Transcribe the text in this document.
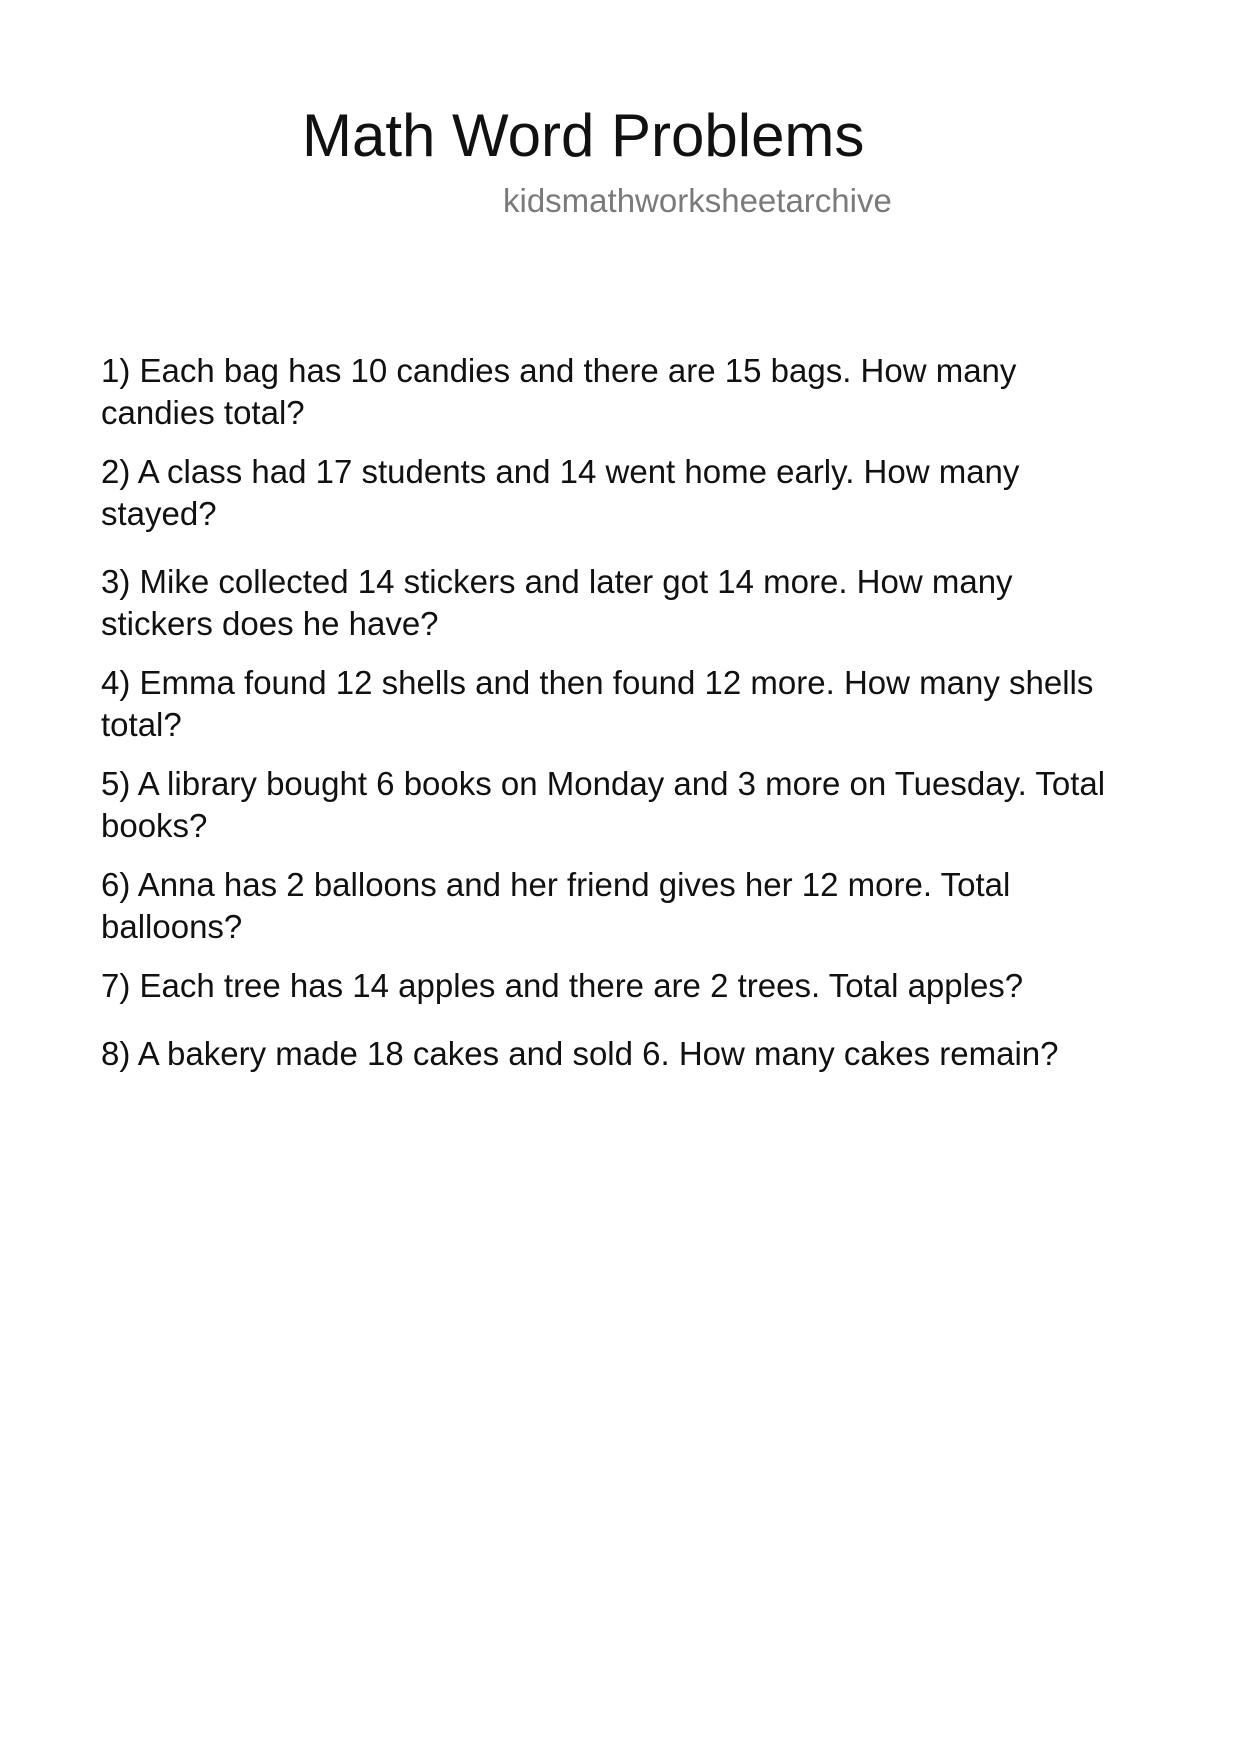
Math Word Problems
kidsmathworksheetarchive
1) Each bag has 10 candies and there are 15 bags. How many candies total?
2) A class had 17 students and 14 went home early. How many stayed?
3) Mike collected 14 stickers and later got 14 more. How many stickers does he have?
4) Emma found 12 shells and then found 12 more. How many shells total?
5) A library bought 6 books on Monday and 3 more on Tuesday. Total books?
6) Anna has 2 balloons and her friend gives her 12 more. Total balloons?
7) Each tree has 14 apples and there are 2 trees. Total apples?
8) A bakery made 18 cakes and sold 6. How many cakes remain?
